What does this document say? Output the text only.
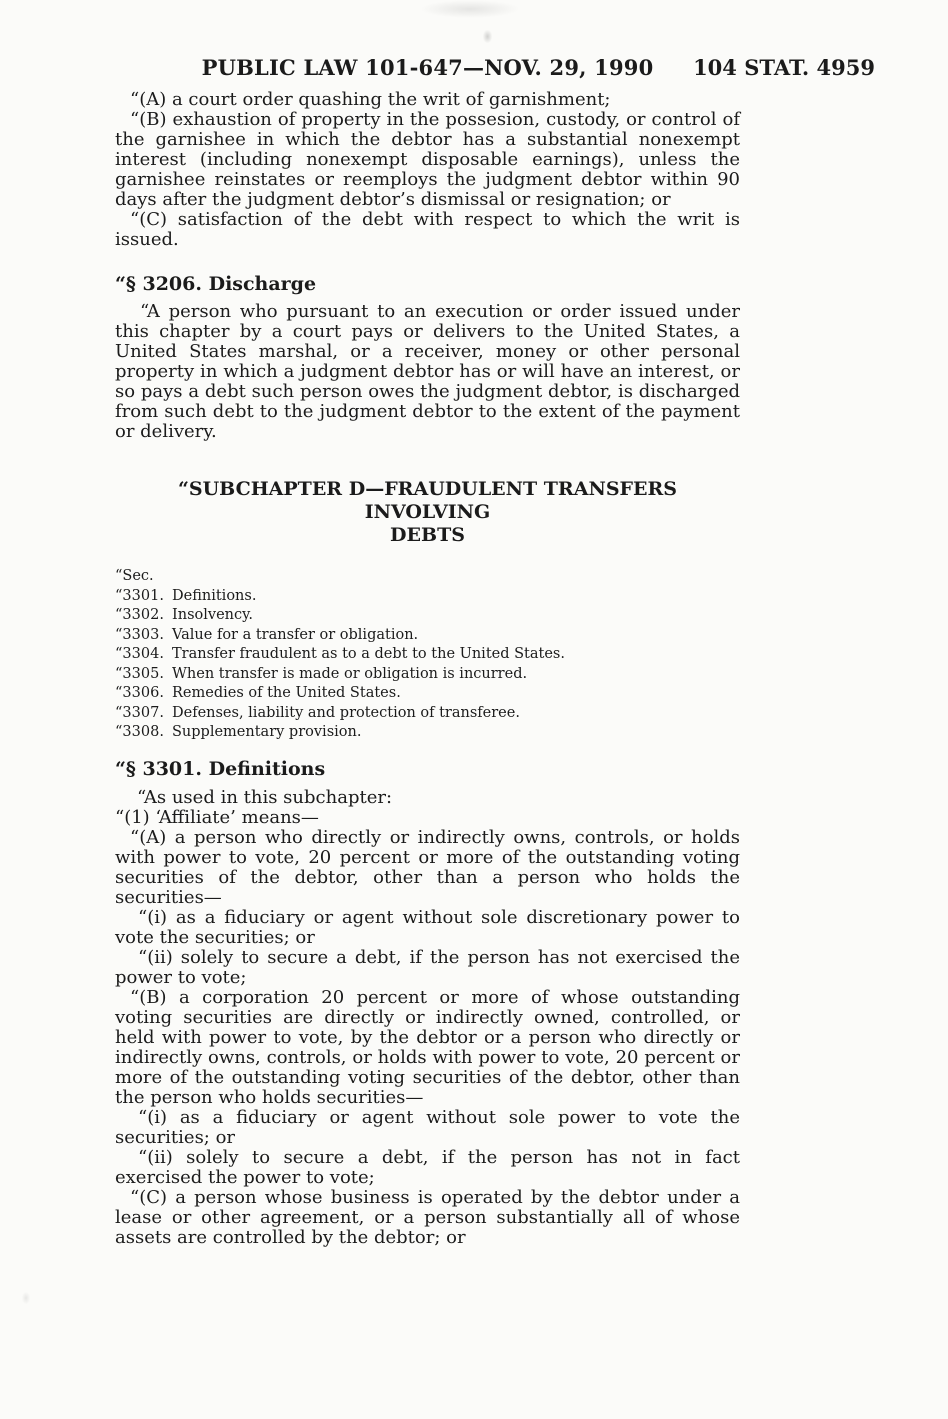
PUBLIC LAW 101-647—NOV. 29, 1990	104 STAT. 4959

“(A) a court order quashing the writ of garnishment;

“(B) exhaustion of property in the possesion, custody, or control of the garnishee in which the debtor has a substantial nonexempt interest (including nonexempt disposable earnings), unless the garnishee reinstates or reemploys the judgment debtor within 90 days after the judgment debtor’s dismissal or resignation; or

“(C) satisfaction of the debt with respect to which the writ is issued.

“§ 3206. Discharge

“A person who pursuant to an execution or order issued under this chapter by a court pays or delivers to the United States, a United States marshal, or a receiver, money or other personal property in which a judgment debtor has or will have an interest, or so pays a debt such person owes the judgment debtor, is discharged from such debt to the judgment debtor to the extent of the payment or delivery.

“SUBCHAPTER D—FRAUDULENT TRANSFERS INVOLVING
DEBTS
“Sec.
“3301. Definitions.
“3302. Insolvency.
“3303. Value for a transfer or obligation.
“3304. Transfer fraudulent as to a debt to the United States.
“3305. When transfer is made or obligation is incurred.
“3306. Remedies of the United States.
“3307. Defenses, liability and protection of transferee.
“3308. Supplementary provision.

“§ 3301. Definitions

“As used in this subchapter:

“(1) ‘Affiliate’ means—

“(A) a person who directly or indirectly owns, controls, or holds with power to vote, 20 percent or more of the outstanding voting securities of the debtor, other than a person who holds the securities—

“(i) as a fiduciary or agent without sole discretionary power to vote the securities; or

“(ii) solely to secure a debt, if the person has not exercised the power to vote;

“(B) a corporation 20 percent or more of whose outstanding voting securities are directly or indirectly owned, controlled, or held with power to vote, by the debtor or a person who directly or indirectly owns, controls, or holds with power to vote, 20 percent or more of the outstanding voting securities of the debtor, other than the person who holds securities—

“(i) as a fiduciary or agent without sole power to vote the securities; or

“(ii) solely to secure a debt, if the person has not in fact exercised the power to vote;

“(C) a person whose business is operated by the debtor under a lease or other agreement, or a person substantially all of whose assets are controlled by the debtor; or
